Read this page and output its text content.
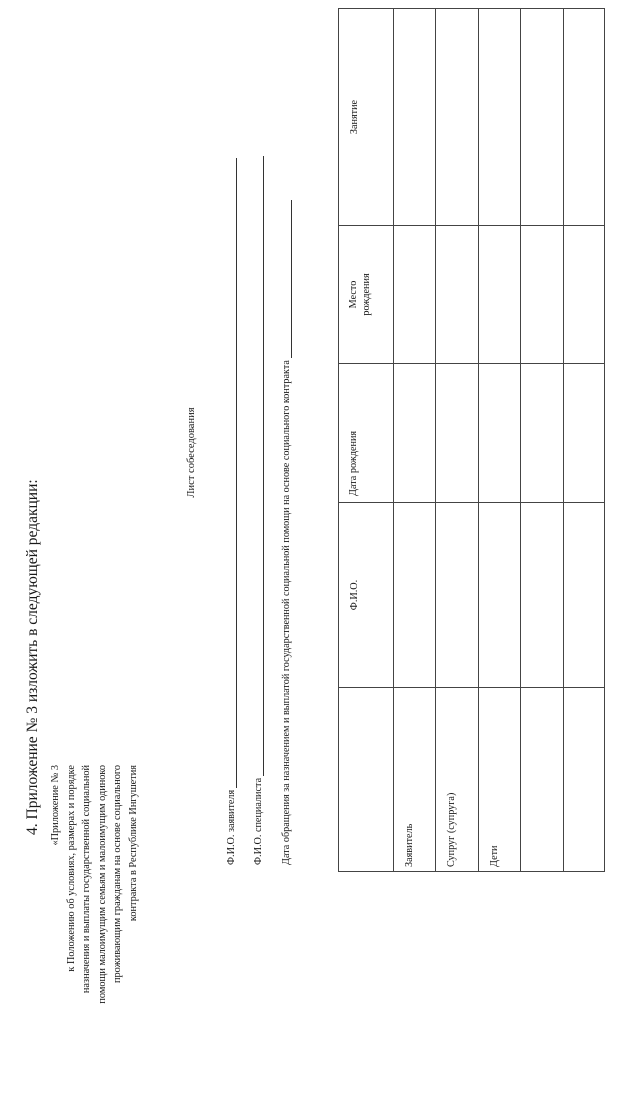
4. Приложение № 3 изложить в следующей редакции: «Приложение № 3 к Положению об условиях, размерах и порядке назначения и выплаты государственной социальной помощи малоимущим семьям и малоимущим одиноко проживающим гражданам на основе социального контракта в Республике Ингушетия
Лист собеседования
Ф.И.О. заявителя Ф.И.О. специалиста Дата обращения за назначением и выплатой государственной социальной помощи на основе социального контракта

	Ф.И.О.	Дата рождения	Место рождения	Занятие

Заявитель				

Супруг (супруга)				

Дети				
